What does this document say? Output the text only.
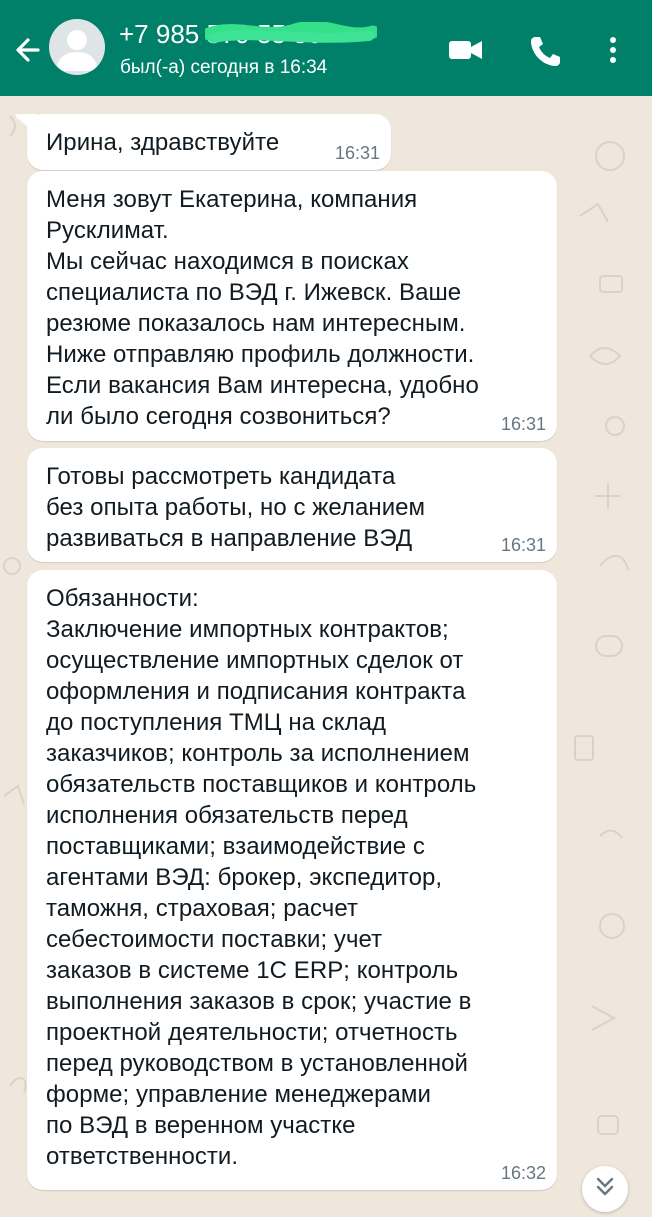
+7 985 579 55 50
был(-а) сегодня в 16:34
Ирина, здравствуйте	16:31
Меня зовут Екатерина, компания
Русклимат.
Мы сейчас находимся в поисках
специалиста по ВЭД г. Ижевск. Ваше
резюме показалось нам интересным.
Ниже отправляю профиль должности.
Если вакансия Вам интересна, удобно
ли было сегодня созвониться?	16:31
Готовы рассмотреть кандидата
без опыта работы, но с желанием
развиваться в направление ВЭД	16:31
Обязанности:
Заключение импортных контрактов;
осуществление импортных сделок от
оформления и подписания контракта
до поступления ТМЦ на склад
заказчиков; контроль за исполнением
обязательств поставщиков и контроль
исполнения обязательств перед
поставщиками; взаимодействие с
агентами ВЭД: брокер, экспедитор,
таможня, страховая; расчет
себестоимости поставки; учет
заказов в системе 1С ERP; контроль
выполнения заказов в срок; участие в
проектной деятельности; отчетность
перед руководством в установленной
форме; управление менеджерами
по ВЭД в веренном участке
ответственности.
16:32
